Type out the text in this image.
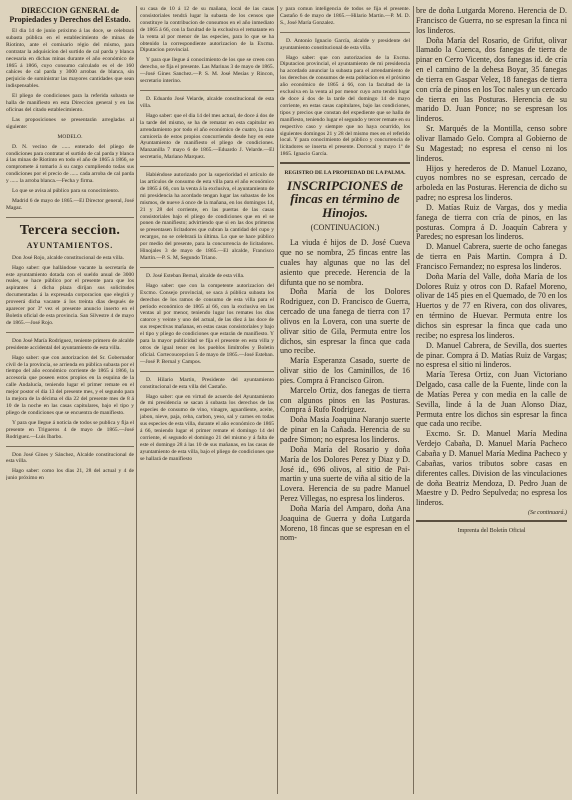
DIRECCION GENERAL de Propiedades y Derechos del Estado.

El dia 14 de junio próximo á las doce, se celebrará subasta pública en el establecimiento de minas de Riotinto, ante el comisario régio del mismo, para contratar la adquisicion del surtido de cal parda y blanca necesaria en dichas minas durante el año económico de 1865 á 1866, cuyo consumo calculado es el de 160 cahices de cal parda y 3000 arrobas de blanca, sin perjuicio de suministrar las mayores cantidades que sean indispensables.

El pliego de condiciones para la referida subasta se halla de manifiesto en esta Direccion general y en las oficinas del citado establecimiento.

Las proposiciones se presentarán arregladas al siguiente:

MODELO.

D. N. vecino de ...... enterado del pliego de condiciones para contratar el surtido de cal parda y blanca á las minas de Riotinto en todo el año de 1865 á 1866, se compromete á tomarlo á su cargo cumpliendo todas sus condiciones por el precio de ...... cada arroba de cal parda y ...... la arroba blanca.—Fecha y firma.

Lo que se avisa al público para su conocimiento.

Madrid 6 de mayo de 1865.—El Director general, José Magaz.

Tercera seccion.

AYUNTAMIENTOS.

Don José Rojo, alcalde constitucional de esta villa.

Hago saber: que hallándose vacante la secretaría de este ayuntamiento dotada con el sueldo anual de 3000 reales, se hace público por el presente para que los aspirantes á dicha plaza dirijan sus solicitudes documentadas á la expresada corporacion que elegirá y proveerá dicha vacante á los treinta dias después de aparecer por 3ª vez el presente anuncio inserto en el Boletin oficial de esta provincia. San Silvestre 4 de mayo de 1865.—José Rojo.

Don José María Rodriguez, teniente primero de alcalde presidente accidental del ayuntamiento de esta villa.

Hago saber: que con autorizacion del Sr. Gobernador civil de la provincia, se arrienda en pública subasta por el tiempo del año económico corriente de 1865 á 1866, la accesoria que poseen estos propios en la esquina de la calle Andalucía, teniendo lugar el primer remate en el mejor postor el dia 13 del presente mes, y el segundo para la mejora de la décima el dia 22 del presente mes de 8 á 10 de la noche en las casas capitulares, bajo el tipo y pliego de condiciones que se encuentra de manifiesto.

Y para que llegue á noticia de todos se publica y fija el presente en Trigueros 4 de mayo de 1865.—José Rodriguez.—Luis Ibarbo.

Don José Gines y Sánchez, Alcalde constitucional de esta villa.

Hago saber: como los dias 21, 28 del actual y 4 de junio próximo en

su casa de 10 á 12 de su mañana, local de las casas consistoriales tendrá lugar la subasta de los censos que constituye la contribucion de consumos en el año inmediato de 1865 á 66, con la facultad de la exclusiva el rematante en la venta al por menor de las especies, para lo que se ha obtenido la correspondiente autorizacion de la Excma. Diputacion provincial.

Y para que llegue á conocimiento de los que se creen con derecho, se fija el presente. Las Marinas 3 de mayo de 1865.—José Gines Sanchez.—P. S. M. José Mesías y Rincon, secretario interino.

D. Eduardo José Velarde, alcalde constitucional de esta villa.

Hago saber: que el dia 14 del mes actual, de doce á dos de la tarde del mismo, se ha de rematar en esta capitular en arrendamiento por todo el año económico de cuatro, la casa carnicería de estos propios concurriendo desde hoy en este Ayuntamiento de manifiesto el pliego de condiciones. Manzanilla 7 mayo 6 de 1865.—Eduardo J. Velarde.—El secretario, Mariano Marquez.

Habiéndose autorizado por la superioridad el artículo de las artículos de consumo de esta villa para el año económico de 1865 á 66, con la venta á la exclusiva, el ayuntamiento de mi presidencia ha acordado tengan lugar las subastas de los mismos, de nueve á once de la mañana, en los domingos 14, 21 y 28 del corriente, en las puertas de las casas consistoriales bajo el pliego de condiciones que en el se ponen de manifiesto; advirtiendo que si en las dos primeras se presentasen licitadores que cubran la cantidad del cupo y recargos, no se celebrará la última. Lo que se hace público por medio del presente, para la concurrencia de licitadores. Hinojales 3 de mayo de 1865.—El alcalde, Francisco Martin.—P. S. M, Segundo Triano.

D. José Esteban Bernal, alcalde de esta villa.

Hago saber: que con la competente autorizacion del Excmo. Consejo provincial, se saca á pública subasta los derechos de los ramos de consumo de esta villa para el período económico de 1865 al 66, con la exclusiva en las ventas al por menor, teniendo lugar los remates los dias catorce y veinte y uno del actual, de las diez á las doce de sus respectivas mañanas, en estas casas consistoriales y bajo el tipo y pliego de condiciones que estarán de manifiesto. Y para la mayor publicidad se fija el presente en esta villa y otros de igual tenor en los pueblos limítrofes y Boletin oficial. Cortecoucepcion 5 de mayo de 1865.—José Esteban.—José P. Bernal y Campos.

D. Hilario Martin, Presidente del ayuntamiento constitucional de esta villa del Castaño.

Hago saber: que en virtud de acuerdo del Ayuntamiento de mi presidencia se sacan á subasta los derechos de las especies de consumo de vino, vinagre, aguardiente, aceite, jabon, nieve, paja, ceba, carbon, yeso, sal y carnes en todas sus especies de esta villa, durante el año económico de 1865 á 66, teniendo lugar el primer remate el domingo 14 del corriente, el segundo el domingo 21 del mismo y á falta de este el domingo 28 á las 10 de sus mañanas, en las casas de ayuntamiento de esta villa, bajo el pliego de condiciones que se hallará de manifiesto

y para comun inteligencia de todos se fija el presente. Castaño 6 de mayo de 1865.—Hilario Martin.—P. M. D. S., José María Gonzalez.

D. Antonio Ignacio García, alcalde y presidente del ayuntamiento constitucional de esta villa.

Hago saber: que con autorizacion de la Excma. Diputacion provincial, el ayuntamiento de mi presidencia ha acordado anunciar la subasta para el arrendamiento de los derechos de consumos de esta poblacion en el próximo año económico de 1865 á 66, con la facultad de la exclusiva en la venta al por menor cuyo acto tendrá lugar de doce á dos de la tarde del domingo 14 de mayo corriente, en estas casas capitulares, bajo las condiciones, tipos y precios que constan del expediente que se halla de manifiesto, teniendo lugar el segundo y tercer remate en su respectivo caso y siempre que no haya ocurrido, los siguientes domingos 21 y 28 del mismo mes en el referido local. Y para conocimiento del público y concurrencia de licitadores se inserta el presente. Dorrocal y mayo 1º de 1865. Ignacio García.

REGISTRO DE LA PROPIEDAD DE LA PALMA.

INSCRIPCIONES de fincas en término de Hinojos.

(CONTINUACION.)

La viuda é hijos de D. José Cueva que no se nombra, 25 fincas entre las cuales hay algunas que no las del asiento que precede. Herencia de la difunta que no se nombra.

Doña María de los Dolores Rodriguez, con D. Francisco de Guerra, cercado de una fanega de tierra con 17 olivos en la Lovera, con una suerte de olivar sitio de Gila, Permuta entre los dichos, sin espresar la finca que cada uno recibe.

María Esperanza Casado, suerte de olivar sitio de los Caminillos, de 16 pies. Compra á Francisco Giron.

Marcelo Ortiz, dos fanegas de tierra con algunos pinos en las Posturas. Compra á Rufo Rodriguez.

Doña Masia Joaquina Naranjo suerte de pinar en la Cañada. Herencia de su padre Simon; no espresa los linderos.

Doña María del Rosario y doña María de los Dolores Perez y Diaz y D. José id., 696 olivos, al sitio de Pai-martin y una suerte de viña al sitio de la Lovera. Herencia de su padre Manuel Perez Villegas, no espresa los linderos.

Doña María del Amparo, doña Ana Joaquina de Guerra y doña Lutgarda Moreno, 18 fincas que se espresan en el nom-

bre de doña Lutgarda Moreno. Herencia de D. Francisco de Guerra, no se espresan la finca ni los linderos.

Doña María del Rosario, de Grifut, olivar llamado la Cuenca, dos fanegas de tierra de pinar en Cerro Vicente, dos fanegas id. de cría en el camino de la dehesa Boyar, 35 fanegas de tierra en Gaspar Velez, 18 fanegas de tierra con cría de pinos en los Toc nales y un cercado de tierra en las Posturas. Herencia de su marido D. Juan Ponce; no se espresan los linderos.

Sr. Marqués de la Montilla, censo sobre olivar llamado Gelo. Compra al Gobierno de Su Magestad; no espresa el censo ni los linderos.

Hijos y herederos de D. Manuel Lozano, cuyos nombres no se espresan, cercado de arboleda en las Posturas. Herencia de dicho su padre; no espresa los linderos.

D. Matías Ruiz de Vargas, dos y media fanega de tierra con cría de pinos, en las posturas. Compra á D. Joaquín Cabrera y Paredes; no espresan los linderos.

D. Manuel Cabrera, suerte de ocho fanegas de tierra en Pais Martin. Compra á D. Francisco Fernandez; no espresa los linderos.

Doña María del Valle, doña María de los Dolores Ruiz y otros con D. Rafael Moreno, olivar de 145 pies en el Quemado, de 70 en los Huertos y de 77 en Rivera, con dos olivares, en término de Huevar. Permuta entre los dichos sin espresar la finca que cada uno recibe; no espresa los linderos.

D. Manuel Cabrera, de Sevilla, dos suertes de pinar. Compra á D. Matías Ruiz de Vargas; no espresa el sitio ni linderos.

María Teresa Ortiz, con Juan Victoriano Delgado, casa calle de la Fuente, linde con la de Matías Perea y con media en la calle de Sevilla, linde á la de Juan Alonso Diaz, Permuta entre los dichos sin espresar la finca que cada uno recibe.

Excmo. Sr. D. Manuel María Medina Verdejo Cabaña, D. Manuel María Pacheco Cabaña y D. Manuel María Medina Pacheco y Cabañas, varios tributos sobre casas en diferentes calles. Division de las vinculaciones de doña Beatriz Mendoza, D. Pedro Juan de Maestre y D. Pedro Sepulveda; no espresa los linderos.

(Se continuará.)

Imprenta del Boletín Oficial
